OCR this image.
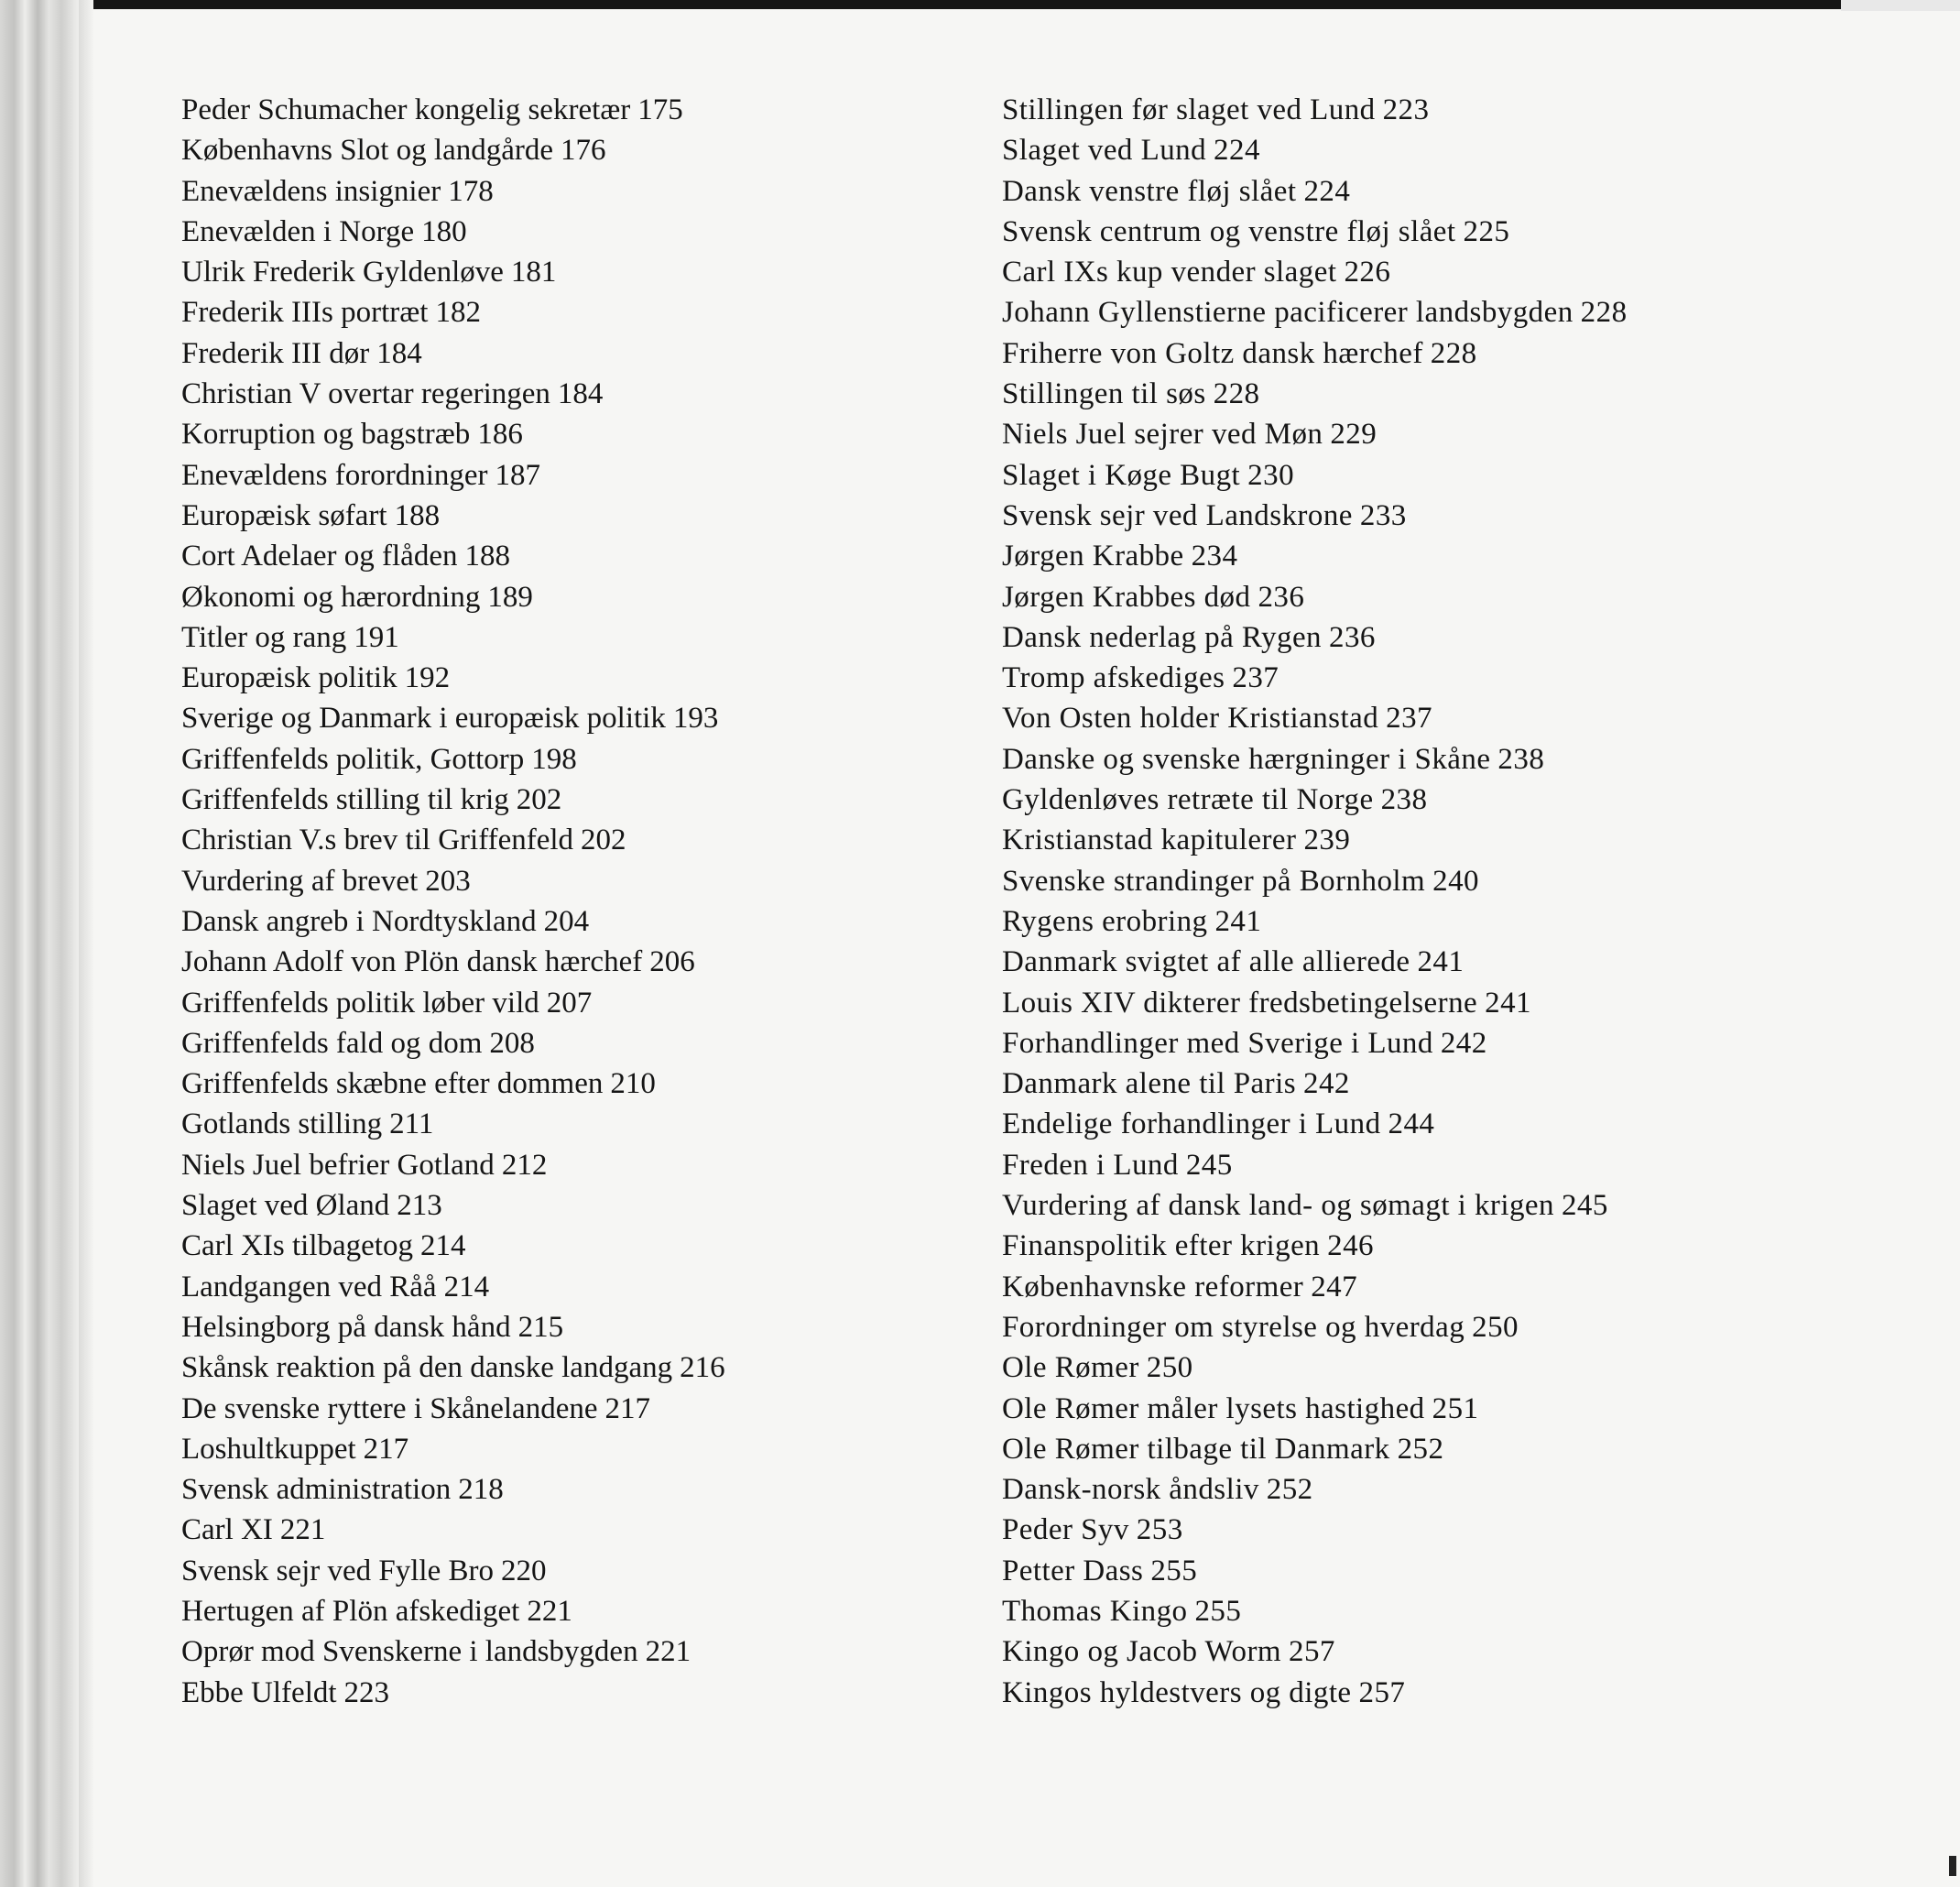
Peder Schumacher kongelig sekretær 175
Københavns Slot og landgårde 176
Enevældens insignier 178
Enevælden i Norge 180
Ulrik Frederik Gyldenløve 181
Frederik IIIs portræt 182
Frederik III dør 184
Christian V overtar regeringen 184
Korruption og bagstræb 186
Enevældens forordninger 187
Europæisk søfart 188
Cort Adelaer og flåden 188
Økonomi og hærordning 189
Titler og rang 191
Europæisk politik 192
Sverige og Danmark i europæisk politik 193
Griffenfelds politik, Gottorp 198
Griffenfelds stilling til krig 202
Christian V.s brev til Griffenfeld 202
Vurdering af brevet 203
Dansk angreb i Nordtyskland 204
Johann Adolf von Plön dansk hærchef 206
Griffenfelds politik løber vild 207
Griffenfelds fald og dom 208
Griffenfelds skæbne efter dommen 210
Gotlands stilling 211
Niels Juel befrier Gotland 212
Slaget ved Øland 213
Carl XIs tilbagetog 214
Landgangen ved Råå 214
Helsingborg på dansk hånd 215
Skånsk reaktion på den danske landgang 216
De svenske ryttere i Skånelandene 217
Loshultkuppet 217
Svensk administration 218
Carl XI 221
Svensk sejr ved Fylle Bro 220
Hertugen af Plön afskediget 221
Oprør mod Svenskerne i landsbygden 221
Ebbe Ulfeldt 223
Stillingen før slaget ved Lund 223
Slaget ved Lund 224
Dansk venstre fløj slået 224
Svensk centrum og venstre fløj slået 225
Carl IXs kup vender slaget 226
Johann Gyllenstierne pacificerer landsbygden 228
Friherre von Goltz dansk hærchef 228
Stillingen til søs 228
Niels Juel sejrer ved Møn 229
Slaget i Køge Bugt 230
Svensk sejr ved Landskrone 233
Jørgen Krabbe 234
Jørgen Krabbes død 236
Dansk nederlag på Rygen 236
Tromp afskediges 237
Von Osten holder Kristianstad 237
Danske og svenske hærgninger i Skåne 238
Gyldenløves retræte til Norge 238
Kristianstad kapitulerer 239
Svenske strandinger på Bornholm 240
Rygens erobring 241
Danmark svigtet af alle allierede 241
Louis XIV dikterer fredsbetingelserne 241
Forhandlinger med Sverige i Lund 242
Danmark alene til Paris 242
Endelige forhandlinger i Lund 244
Freden i Lund 245
Vurdering af dansk land- og sømagt i krigen 245
Finanspolitik efter krigen 246
Københavnske reformer 247
Forordninger om styrelse og hverdag 250
Ole Rømer 250
Ole Rømer måler lysets hastighed 251
Ole Rømer tilbage til Danmark 252
Dansk-norsk åndsliv 252
Peder Syv 253
Petter Dass 255
Thomas Kingo 255
Kingo og Jacob Worm 257
Kingos hyldestvers og digte 257
